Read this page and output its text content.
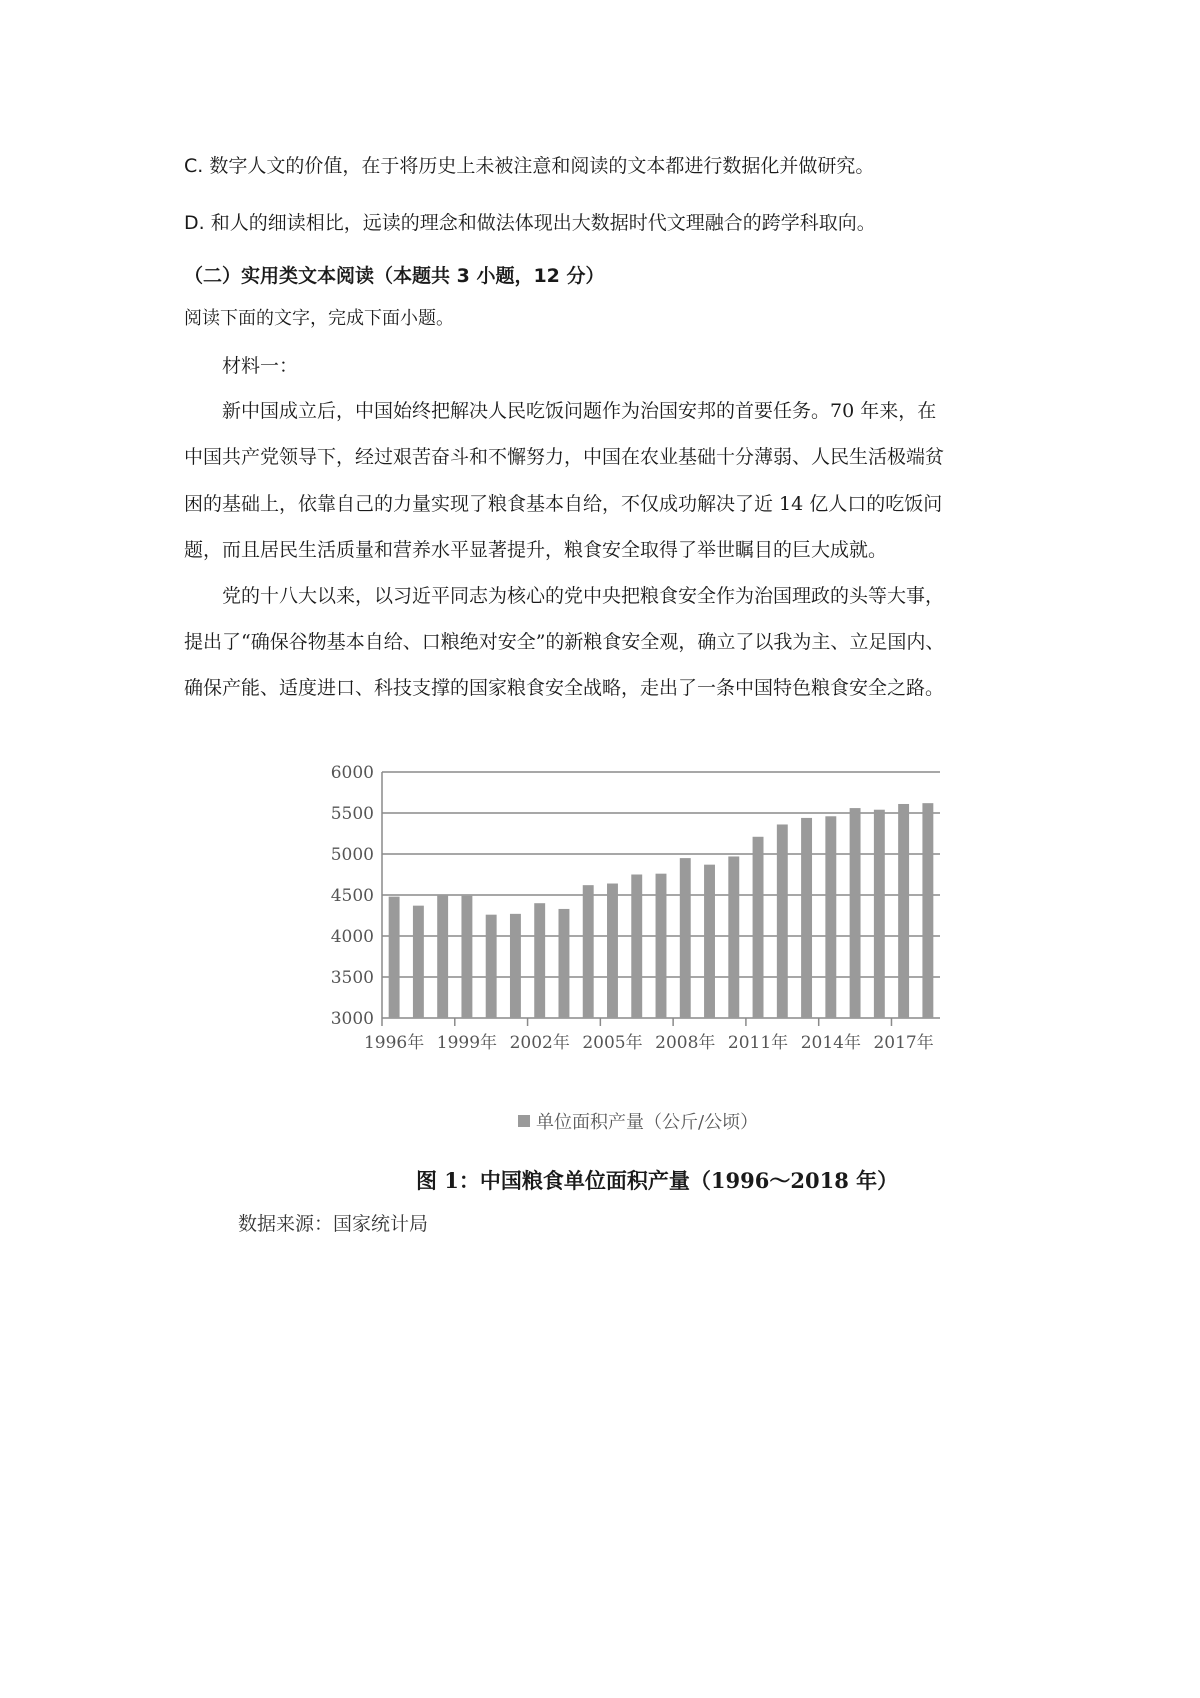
C. 数字人文的价值，在于将历史上未被注意和阅读的文本都进行数据化并做研究。
D. 和人的细读相比，远读的理念和做法体现出大数据时代文理融合的跨学科取向。
（二）实用类文本阅读（本题共 3 小题，12 分）
阅读下面的文字，完成下面小题。
材料一：
新中国成立后，中国始终把解决人民吃饭问题作为治国安邦的首要任务。70 年来，在
中国共产党领导下，经过艰苦奋斗和不懈努力，中国在农业基础十分薄弱、人民生活极端贫
困的基础上，依靠自己的力量实现了粮食基本自给，不仅成功解决了近 14 亿人口的吃饭问
题，而且居民生活质量和营养水平显著提升，粮食安全取得了举世瞩目的巨大成就。
党的十八大以来，以习近平同志为核心的党中央把粮食安全作为治国理政的头等大事，
提出了“确保谷物基本自给、口粮绝对安全”的新粮食安全观，确立了以我为主、立足国内、
确保产能、适度进口、科技支撑的国家粮食安全战略，走出了一条中国特色粮食安全之路。
6000
5500
5000
4500
4000
3500
3000
1996年 1999年 2002年 2005年 2008年 2011年 2014年 2017年
单位面积产量（公斤/公顷）
图 1：中国粮食单位面积产量（1996～2018 年）
数据来源：国家统计局
